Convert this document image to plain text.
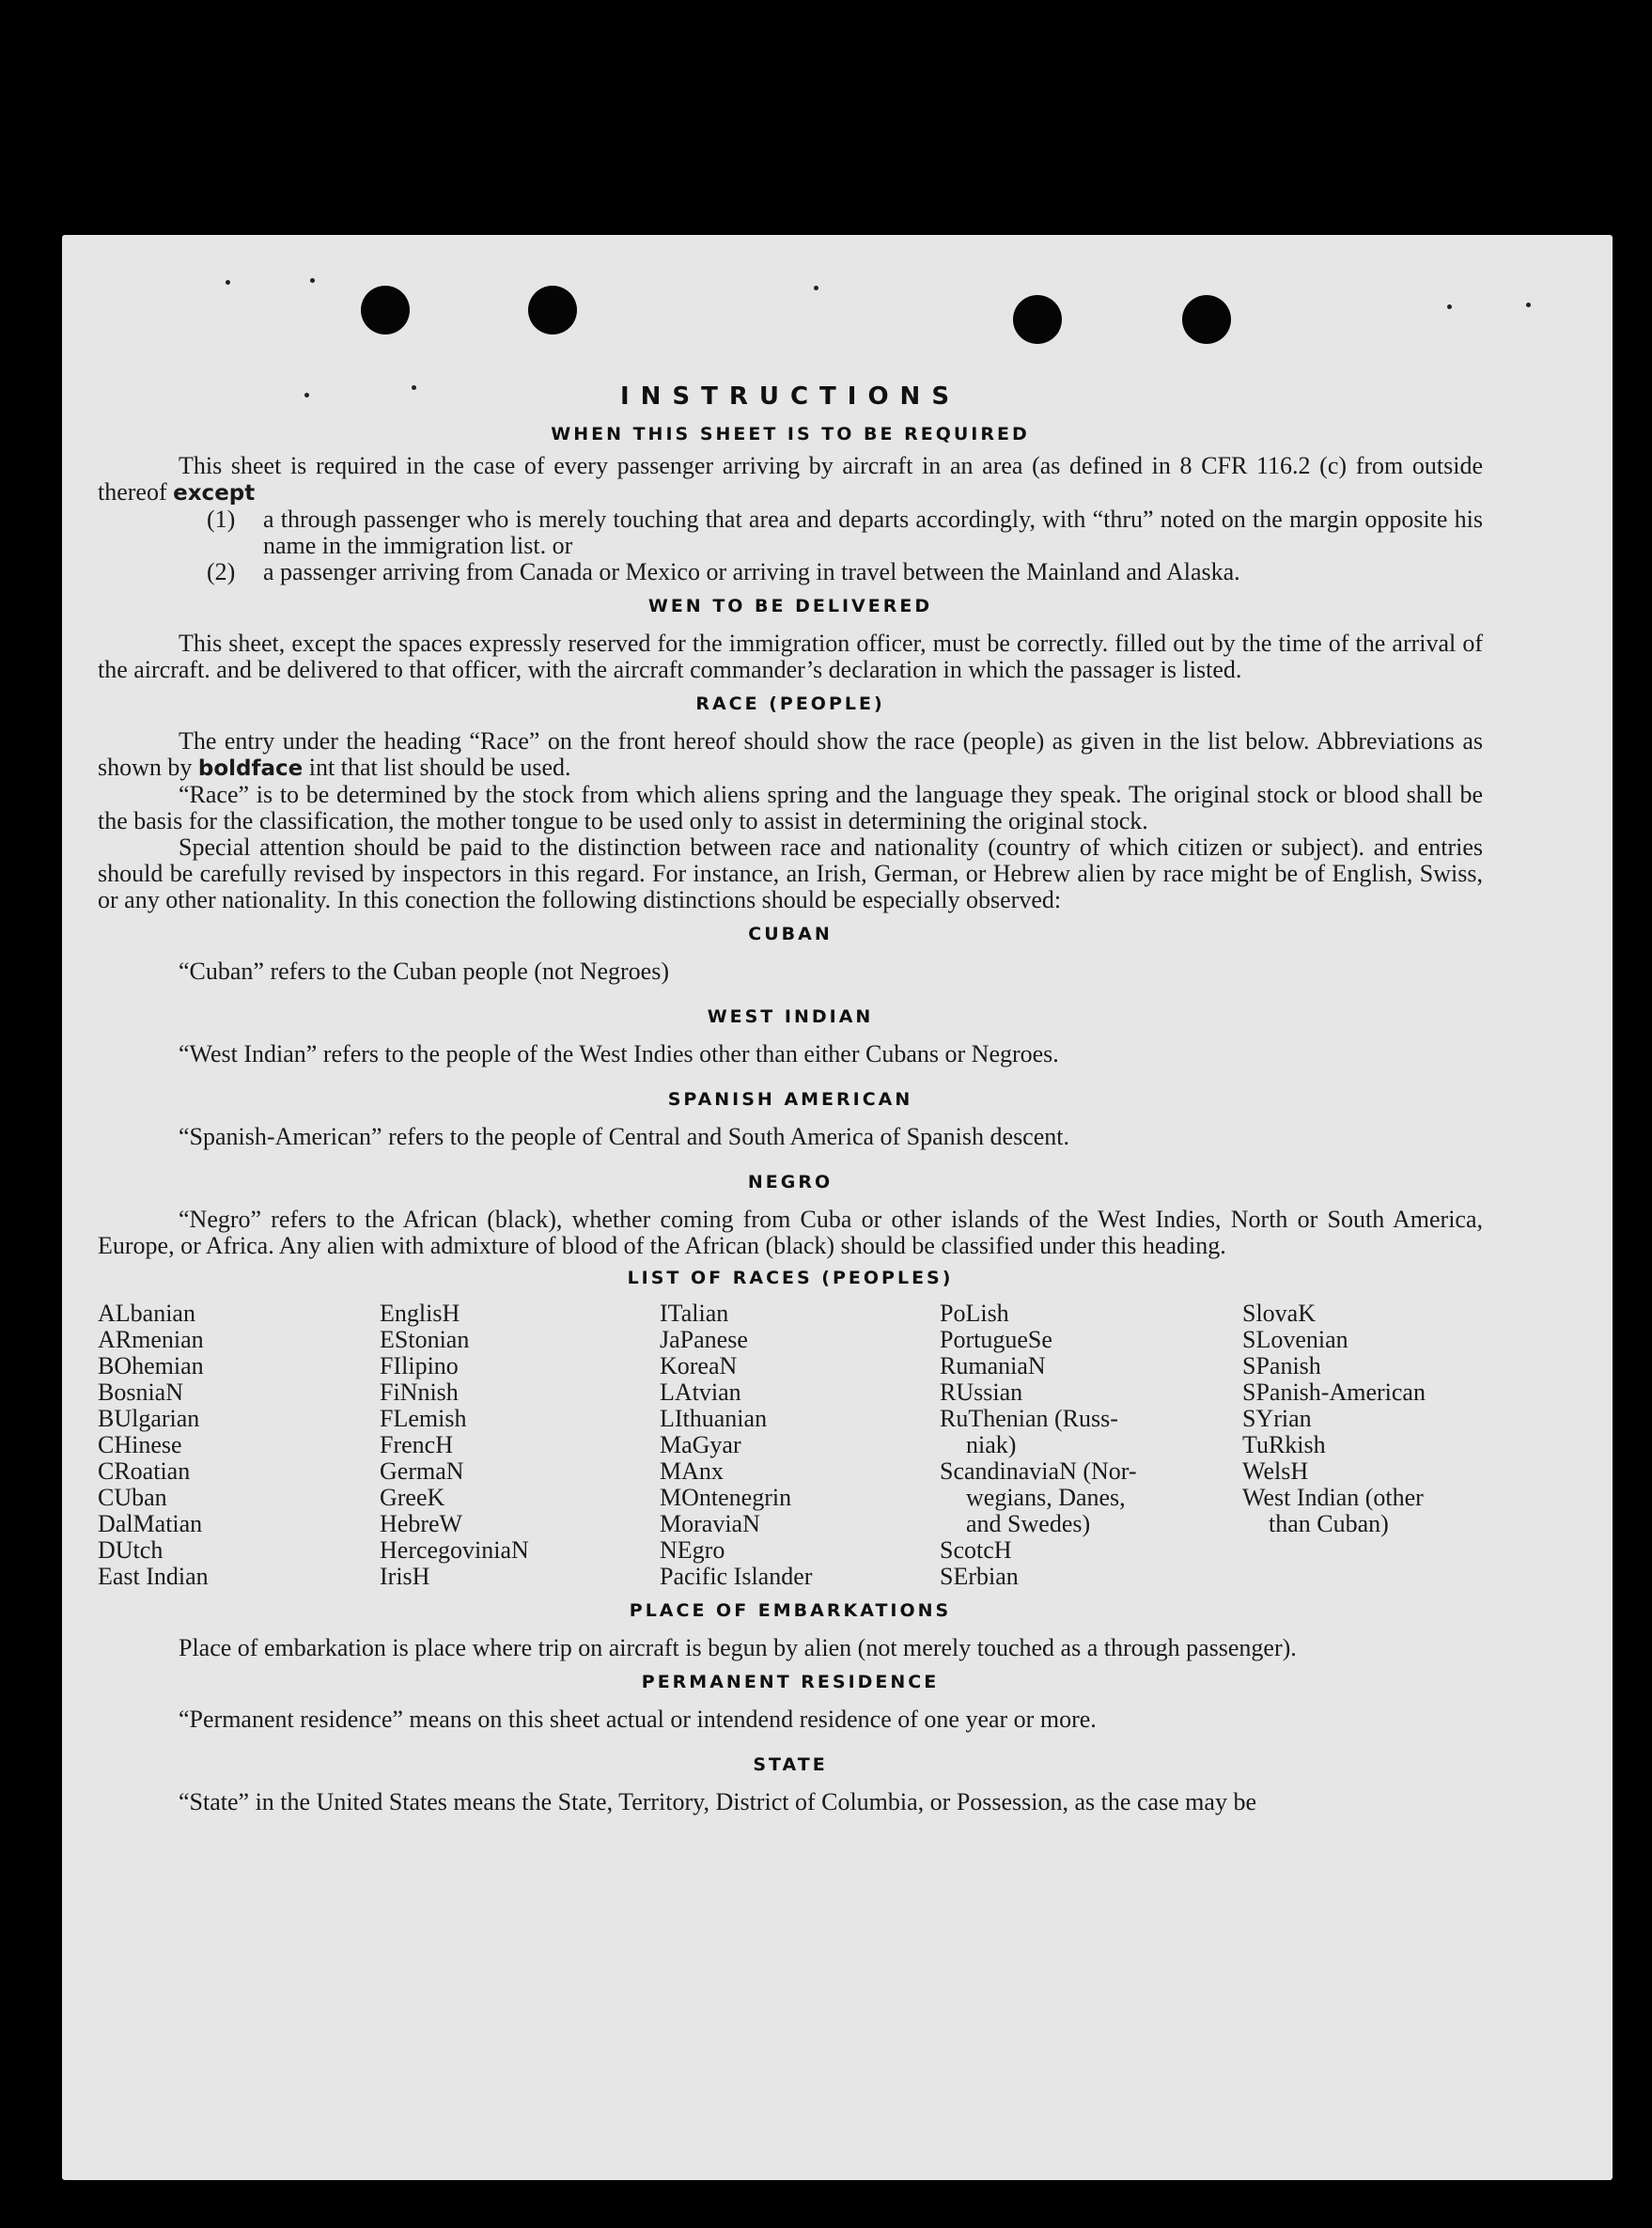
INSTRUCTIONS
WHEN THIS SHEET IS TO BE REQUIRED

This sheet is required in the case of every passenger arriving by aircraft in an area (as defined in 8 CFR 116.2 (c) from outside thereof except

(1)	a through passenger who is merely touching that area and departs accordingly, with “thru” noted on the margin opposite his name in the immigration list. or
(2)	a passenger arriving from Canada or Mexico or arriving in travel between the Mainland and Alaska.
WEN TO BE DELIVERED

This sheet, except the spaces expressly reserved for the immigration officer, must be correctly. filled out by the time of the arrival of the aircraft. and be delivered to that officer, with the aircraft commander’s declaration in which the passager is listed.

RACE (PEOPLE)

The entry under the heading “Race” on the front hereof should show the race (people) as given in the list below. Abbreviations as shown by boldface int that list should be used.

“Race” is to be determined by the stock from which aliens spring and the language they speak. The original stock or blood shall be the basis for the classification, the mother tongue to be used only to assist in determining the original stock.

Special attention should be paid to the distinction between race and nationality (country of which citizen or subject). and entries should be carefully revised by inspectors in this regard. For instance, an Irish, German, or Hebrew alien by race might be of English, Swiss, or any other nationality. In this conection the following distinctions should be especially observed:

CUBAN

“Cuban” refers to the Cuban people (not Negroes)

WEST INDIAN

“West Indian” refers to the people of the West Indies other than either Cubans or Negroes.

SPANISH AMERICAN

“Spanish-American” refers to the people of Central and South America of Spanish descent.

NEGRO

“Negro” refers to the African (black), whether coming from Cuba or other islands of the West Indies, North or South America, Europe, or Africa. Any alien with admixture of blood of the African (black) should be classified under this heading.

LIST OF RACES (PEOPLES)
ALbanian
ARmenian
BOhemian
BosniaN
BUlgarian
CHinese
CRoatian
CUban
DalMatian
DUtch
East Indian
EnglisH
EStonian
FIlipino
FiNnish
FLemish
FrencH
GermaN
GreeK
HebreW
HercegoviniaN
IrisH
ITalian
JaPanese
KoreaN
LAtvian
LIthuanian
MaGyar
MAnx
MOntenegrin
MoraviaN
NEgro
Pacific Islander
PoLish
PortugueSe
RumaniaN
RUssian
RuThenian (Russ-
niak)
ScandinaviaN (Nor-
wegians, Danes,
and Swedes)
ScotcH
SErbian
SlovaK
SLovenian
SPanish
SPanish-American
SYrian
TuRkish
WelsH
West Indian (other
than Cuban)
PLACE OF EMBARKATIONS

Place of embarkation is place where trip on aircraft is begun by alien (not merely touched as a through passenger).

PERMANENT RESIDENCE

“Permanent residence” means on this sheet actual or intendend residence of one year or more.

STATE

“State” in the United States means the State, Territory, District of Columbia, or Possession, as the case may be
